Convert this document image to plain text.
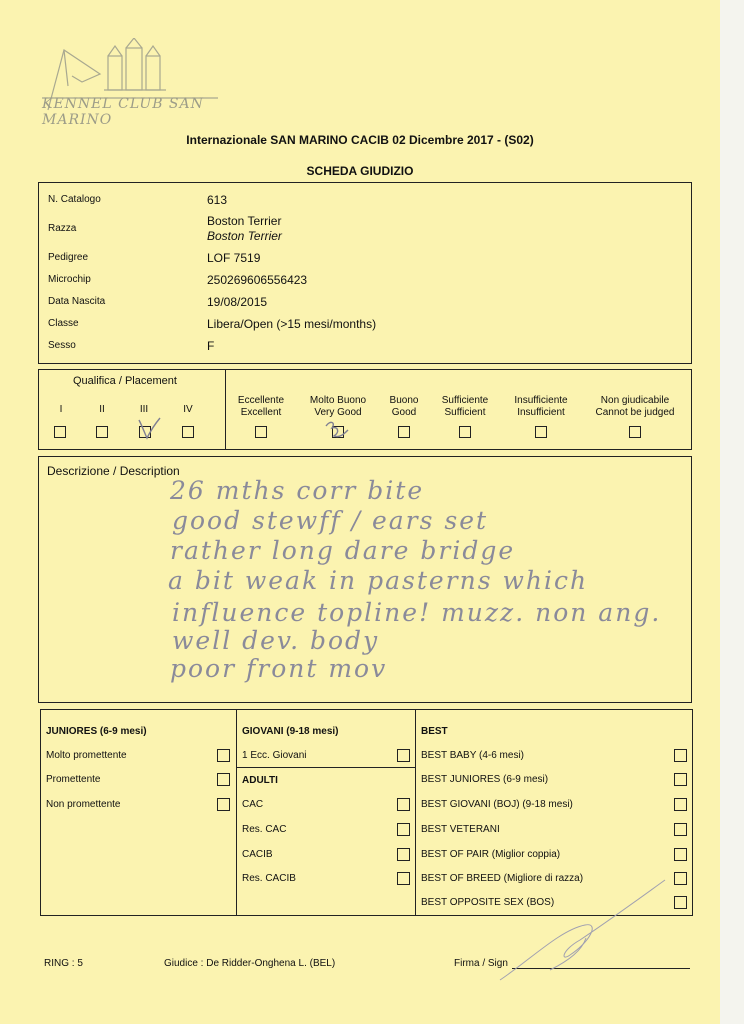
KENNEL CLUB SAN MARINO
Internazionale SAN MARINO CACIB 02 Dicembre 2017 - (S02)
SCHEDA GIUDIZIO
N. Catalogo	613
Razza
Boston Terrier
Boston Terrier
Pedigree	LOF 7519
Microchip	250269606556423
Data Nascita	19/08/2015
Classe	Libera/Open (>15 mesi/months)
Sesso	F
Qualifica / Placement
I	II	III	IV
Eccellente
Excellent
Molto Buono
Very Good
Buono
Good
Sufficiente
Sufficient
Insufficiente
Insufficient
Non giudicabile
Cannot be judged
Descrizione / Description
26 mths corr bite
good stewff / ears set
rather long dare bridge
a bit weak in pasterns which
influence topline! muzz. non ang.
well dev. body
poor front mov
JUNIORES (6-9 mesi)
Molto promettente
Promettente
Non promettente
GIOVANI (9-18 mesi)
1 Ecc. Giovani
ADULTI
CAC
Res. CAC
CACIB
Res. CACIB
BEST
BEST BABY (4-6 mesi)
BEST JUNIORES (6-9 mesi)
BEST GIOVANI (BOJ) (9-18 mesi)
BEST VETERANI
BEST OF PAIR (Miglior coppia)
BEST OF BREED (Migliore di razza)
BEST OPPOSITE SEX (BOS)
RING : 5	Giudice : De Ridder-Onghena L. (BEL)	Firma / Sign
